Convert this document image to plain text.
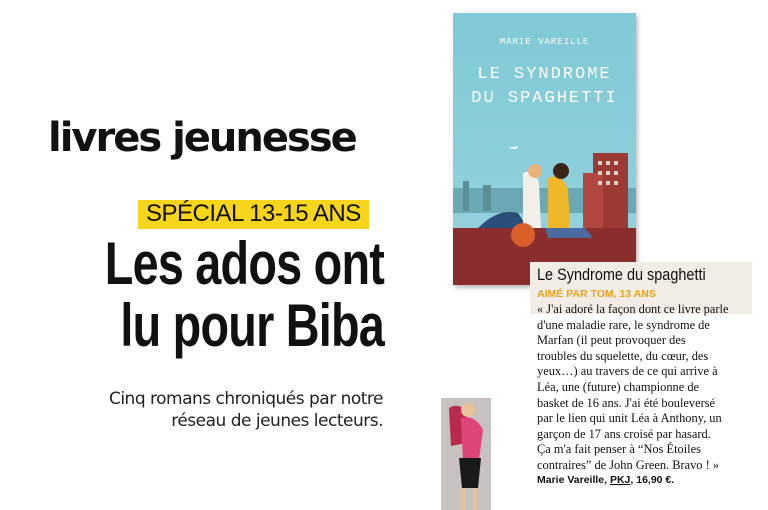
livres jeunesse
SPÉCIAL 13-15 ANS
Les ados ont
lu pour Biba
Cinq romans chroniqués par notre
réseau de jeunes lecteurs.
MARIE VAREILLE
LE SYNDROME
DU SPAGHETTI
Le Syndrome du spaghetti
AIMÉ PAR TOM, 13 ANS
« J'ai adoré la façon dont ce livre parle
d'une maladie rare, le syndrome de
Marfan (il peut provoquer des
troubles du squelette, du cœur, des
yeux…) au travers de ce qui arrive à
Léa, une (future) championne de
basket de 16 ans. J'ai été bouleversé
par le lien qui unit Léa à Anthony, un
garçon de 17 ans croisé par hasard.
Ça m'a fait penser à “Nos Étoiles
contraires” de John Green. Bravo ! »
Marie Vareille, PKJ, 16,90 €.
